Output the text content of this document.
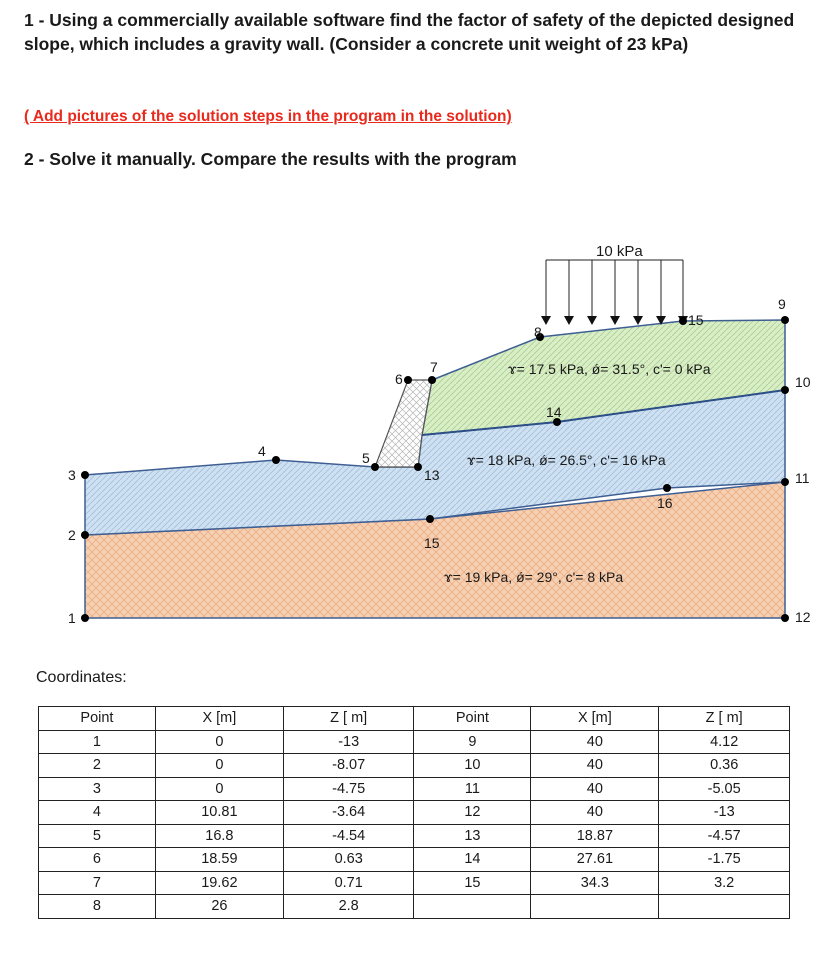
1 - Using a commercially available software find the factor of safety of the depicted designed slope, which includes a gravity wall. (Consider a concrete unit weight of 23 kPa)
( Add pictures of the solution steps in the program in the solution)
2 - Solve it manually. Compare the results with the program
10 kPa
ɤ= 17.5 kPa, ǿ= 31.5°, c'= 0 kPa
ɤ= 18 kPa, ǿ= 26.5°, c'= 16 kPa
ɤ= 19 kPa, ǿ= 29°, c'= 8 kPa
1
2
3
4	5
6
7
8
9
10
11
12
13
14
15
16
15
Coordinates:
Point	X [m]	Z [ m]	Point	X [m]	Z [ m]
1	0	-13	9	40	4.12
2	0	-8.07	10	40	0.36
3	0	-4.75	11	40	-5.05
4	10.81	-3.64	12	40	-13
5	16.8	-4.54	13	18.87	-4.57
6	18.59	0.63	14	27.61	-1.75
7	19.62	0.71	15	34.3	3.2
8	26	2.8			
